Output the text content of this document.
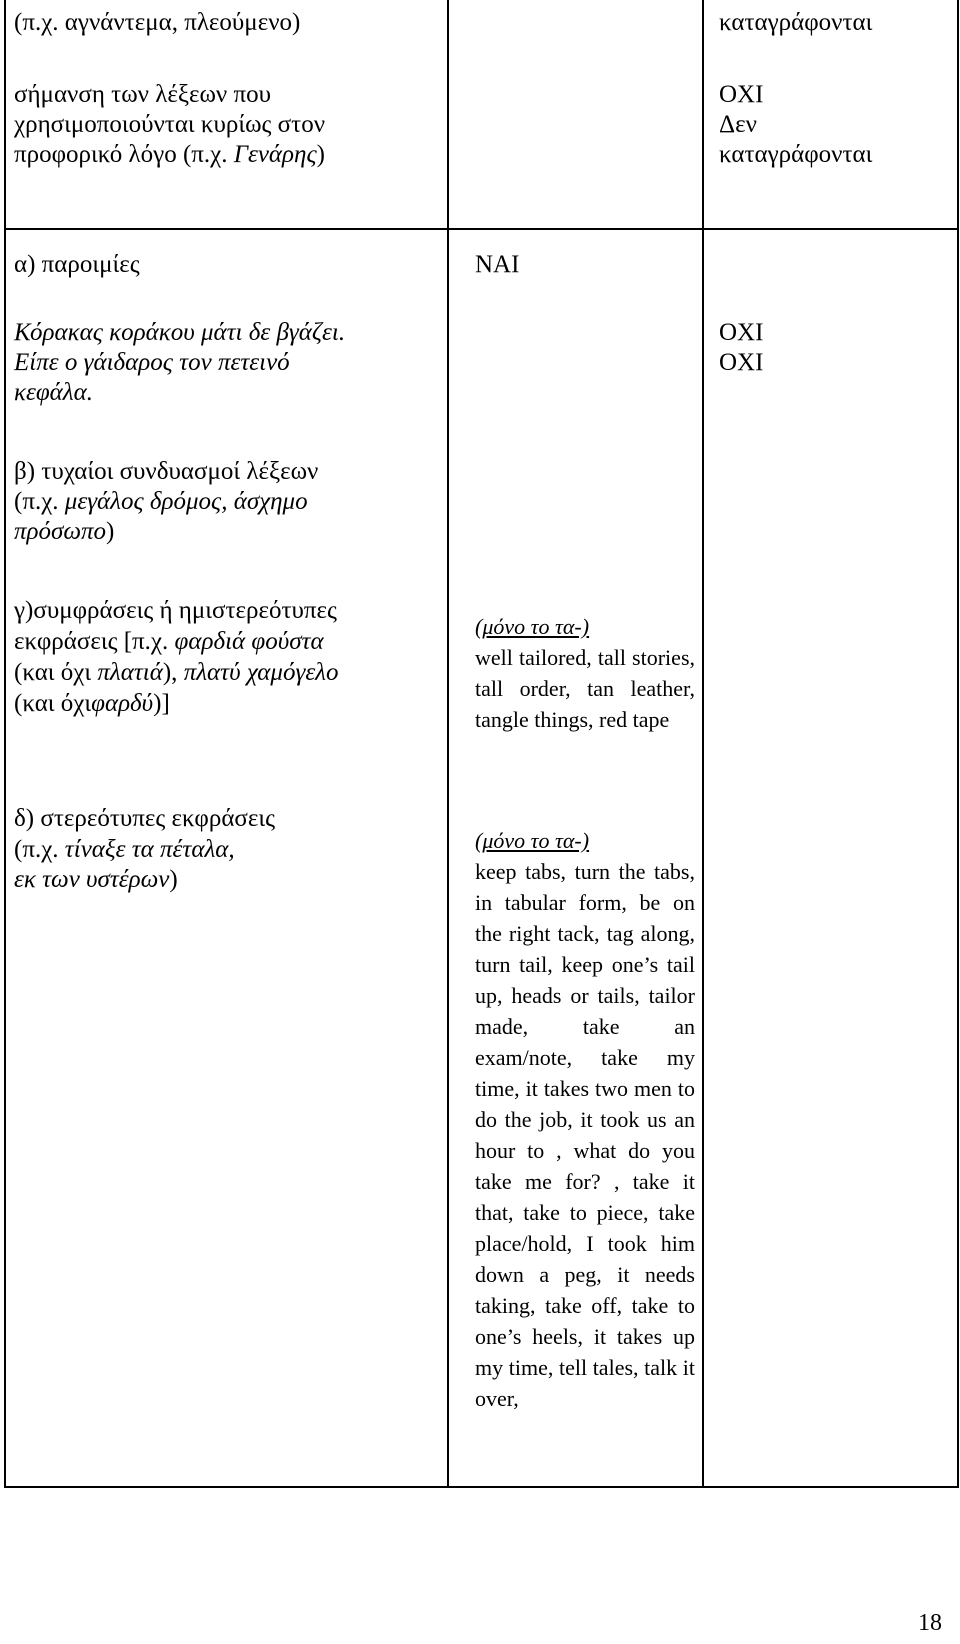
(π.χ. αγνάντεμα, πλεούμενο)	καταγράφονται
σήμανση των λέξεων που
χρησιμοποιούνται κυρίως στον
προφορικό λόγο (π.χ. Γενάρης)
ΟΧΙ
Δεν
καταγράφονται
α) παροιμίες
Κόρακας κοράκου μάτι δε βγάζει.
Είπε ο γάιδαρος τον πετεινό
κεφάλα.
β) τυχαίοι συνδυασμοί λέξεων
(π.χ. μεγάλος δρόμος, άσχημο
πρόσωπο)
γ)συμφράσεις ή ημιστερεότυπες
εκφράσεις [π.χ. φαρδιά φούστα
(και όχι πλατιά), πλατύ χαμόγελο
(και όχιφαρδύ)]
ΝΑΙ
(μόνο το τα-)
well tailored, tall stories, tall order, tan leather, tangle things, red tape
ΟΧΙ
ΟΧΙ
δ) στερεότυπες εκφράσεις
(π.χ. τίναξε τα πέταλα,
εκ των υστέρων)
(μόνο το τα-)
keep tabs, turn the tabs, in tabular form, be on the right tack, tag along, turn tail, keep one’s tail up, heads or tails, tailor made, take an exam/note, take my time, it takes two men to do the job, it took us an hour to , what do you take me for? , take it that, take to piece, take place/hold, I took him down a peg, it needs taking, take off, take to one’s heels, it takes up my time, tell tales, talk it over,
18
